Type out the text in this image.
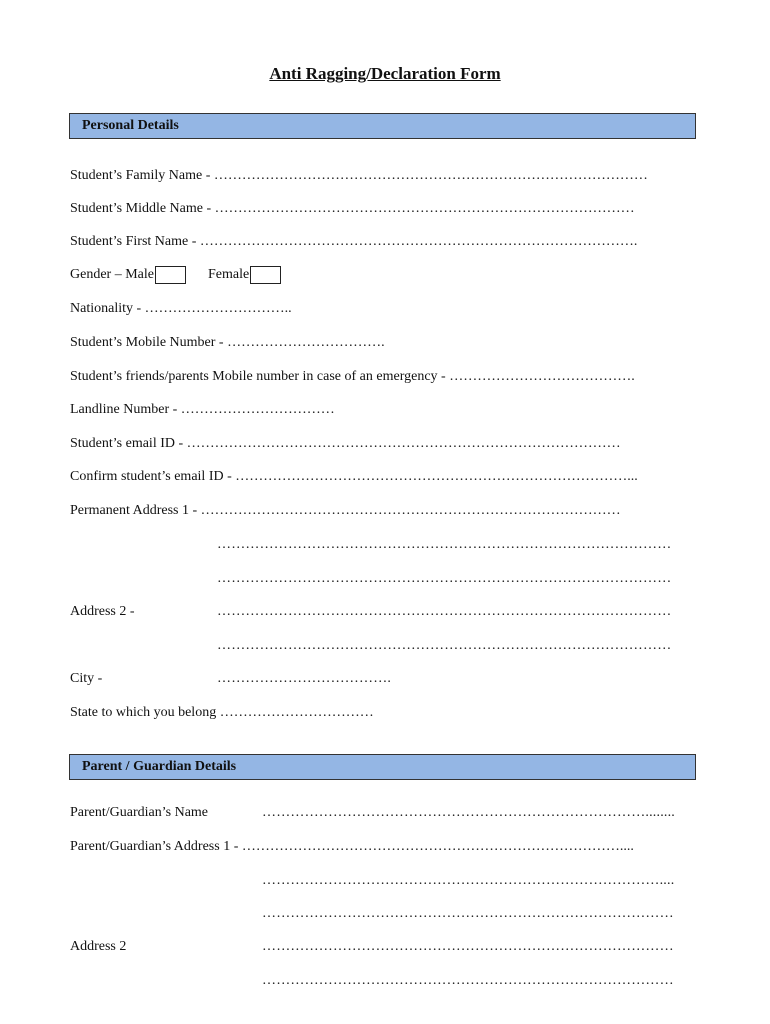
Anti Ragging/Declaration Form
Personal Details
Student’s Family Name - …………………………………………………………………………………
Student’s Middle Name - ………………………………………………………………………………
Student’s First Name - ………………………………………………………………………………….
Gender – Male	Female
Nationality - …………………………..
Student’s Mobile Number - …………………………….
Student’s friends/parents Mobile number in case of an emergency - ………………………………….
Landline Number - ……………………………
Student’s email ID - …………………………………………………………………………………
Confirm student’s email ID - …………………………………………………………………………...
Permanent Address 1 - ………………………………………………………………………………
……………………………………………………………………………………
……………………………………………………………………………………
Address 2 -	……………………………………………………………………………………
……………………………………………………………………………………
City -	……………………………….
State to which you belong ……………………………
Parent / Guardian Details
Parent/Guardian’s Name	………………………………………………………………………........
Parent/Guardian’s Address 1 - ………………………………………………………………………....
…………………………………………………………………………....
……………………………………………………………………………
Address 2	……………………………………………………………………………
……………………………………………………………………………
